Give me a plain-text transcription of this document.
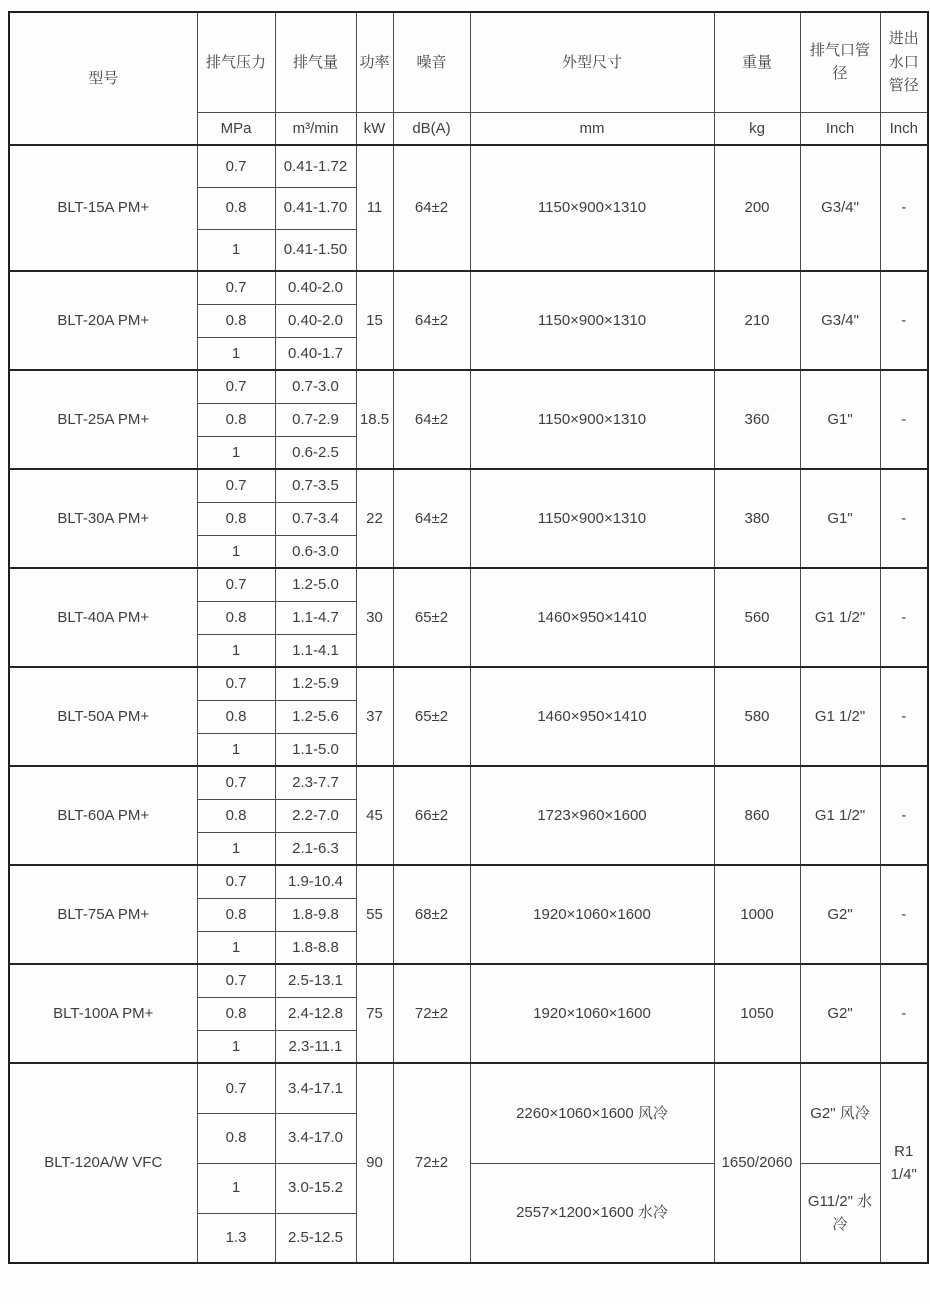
型号	排气压力	排气量	功率	噪音	外型尺寸	重量	排气口管径	进出水口管径
	MPa	m³/min	kW	dB(A)	mm	kg	Inch	Inch
BLT-15A PM+	0.7	0.41-1.72	11	64±2	1150×900×1310	200	G3/4"	-
	0.8	0.41-1.70						
	1	0.41-1.50						
BLT-20A PM+	0.7	0.40-2.0	15	64±2	1150×900×1310	210	G3/4"	-
	0.8	0.40-2.0						
	1	0.40-1.7						
BLT-25A PM+	0.7	0.7-3.0	18.5	64±2	1150×900×1310	360	G1"	-
	0.8	0.7-2.9						
	1	0.6-2.5						
BLT-30A PM+	0.7	0.7-3.5	22	64±2	1150×900×1310	380	G1"	-
	0.8	0.7-3.4						
	1	0.6-3.0						
BLT-40A PM+	0.7	1.2-5.0	30	65±2	1460×950×1410	560	G1 1/2"	-
	0.8	1.1-4.7						
	1	1.1-4.1						
BLT-50A PM+	0.7	1.2-5.9	37	65±2	1460×950×1410	580	G1 1/2"	-
	0.8	1.2-5.6						
	1	1.1-5.0						
BLT-60A PM+	0.7	2.3-7.7	45	66±2	1723×960×1600	860	G1 1/2"	-
	0.8	2.2-7.0						
	1	2.1-6.3						
BLT-75A PM+	0.7	1.9-10.4	55	68±2	1920×1060×1600	1000	G2"	-
	0.8	1.8-9.8						
	1	1.8-8.8						
BLT-100A PM+	0.7	2.5-13.1	75	72±2	1920×1060×1600	1050	G2"	-
	0.8	2.4-12.8						
	1	2.3-11.1						
BLT-120A/W VFC	0.7	3.4-17.1	90	72±2	2260×1060×1600 风冷	1650/2060	G2" 风冷	R1 1/4"
	0.8	3.4-17.0						
	1	3.0-15.2			2557×1200×1600 水冷		G11/2" 水冷	
	1.3	2.5-12.5						
